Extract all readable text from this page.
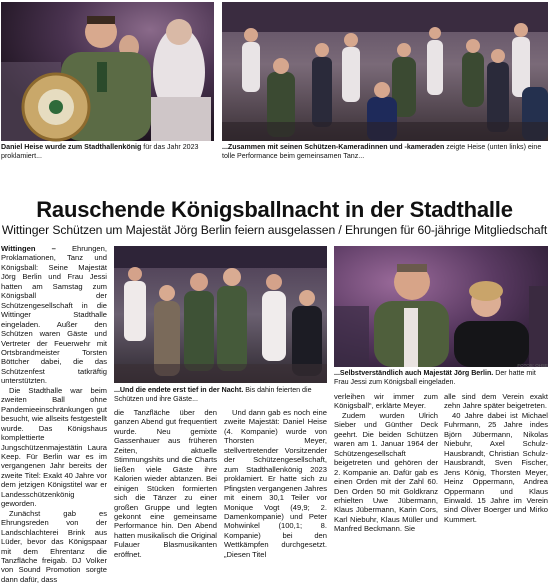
Daniel Heise wurde zum Stadthallenkönig für das Jahr 2023 proklamiert...
...Zusammen mit seinen Schützen-Kameradinnen und -kameraden zeigte Heise (unten links) eine tolle Performance beim gemeinsamen Tanz...
Rauschende Königsballnacht in der Stadthalle
Wittinger Schützen um Majestät Jörg Berlin feiern ausgelassen / Ehrungen für 60-jährige Mitgliedschaft

Wittingen – Ehrungen, Proklamationen, Tanz und Königsball: Seine Majestät Jörg Berlin und Frau Jessi hatten am Samstag zum Königsball der Schützengesellschaft in die Wittinger Stadthalle eingeladen. Außer den Schützen waren Gäste und Vertreter der Feuerwehr mit Ortsbrandmeister Torsten Böttcher dabei, die das Schützenfest tatkräftig unterstützten.

Die Stadthalle war beim zweiten Ball ohne Pandemieeinschränkungen gut besucht, wie allseits festgestellt wurde. Das Königshaus komplettierte Jungschützenmajestätin Laura Keep. Für Berlin war es im vergangenen Jahr bereits der zweite Titel: Exakt 40 Jahre vor dem jetzigen Königstitel war er Landesschützenkönig geworden.

Zunächst gab es Ehrungsreden von der Landschlachterei Brink aus Lüder, bevor das Königspaar mit dem Ehrentanz die Tanzfläche freigab. DJ Volker von Sound Promotion sorgte dann dafür, dass

...Und die endete erst tief in der Nacht. Bis dahin feierten die Schützen und ihre Gäste...
...Selbstverständlich auch Majestät Jörg Berlin. Der hatte mit Frau Jessi zum Königsball eingeladen.
FOTOS: OHSE

die Tanzfläche über den ganzen Abend gut frequentiert wurde. Neu gemixte Gassenhauer aus früheren Zeiten, aktuelle Stimmungshits und die Charts ließen viele Gäste ihre Kalorien wieder abtanzen. Bei einigen Stücken formierten sich die Tänzer zu einer großen Gruppe und legten gekonnt eine gemeinsame Performance hin. Den Abend hatten musikalisch die Original Fulauer Blasmusikanten eröffnet.

Und dann gab es noch eine zweite Majestät: Daniel Heise (4. Kompanie) wurde von Thorsten Meyer, stellvertretender Vorsitzender der Schützengesellschaft, zum Stadthallenkönig 2023 proklamiert. Er hatte sich zu Pfingsten vergangenen Jahres mit einem 30,1 Teiler vor Monique Vogt (49,9; 2. Damenkompanie) und Peter Mohwinkel (100,1; 8. Kompanie) bei den Wettkämpfen durchgesetzt. „Diesen Titel

verleihen wir immer zum Königsball“, erklärte Meyer.

Zudem wurden Ulrich Sieber und Günther Deck geehrt. Die beiden Schützen waren am 1. Januar 1964 der Schützengesellschaft beigetreten und gehören der 2. Kompanie an. Dafür gab es einen Orden mit der Zahl 60. Den Orden 50 mit Goldkranz erhielten Uwe Jübermann, Klaus Jübermann, Karin Cors, Karl Niebuhr, Klaus Müller und Manfred Beckmann. Sie

alle sind dem Verein exakt zehn Jahre später beigetreten.

40 Jahre dabei ist Michael Fuhrmann, 25 Jahre indes Björn Jübermann, Nikolas Niebuhr, Axel Schulz-Hausbrandt, Christian Schulz-Hausbrandt, Sven Fischer, Jens König, Thorsten Meyer, Heinz Oppermann, Andrea Oppermann und Klaus Einwald. 15 Jahre im Verein sind Oliver Boerger und Mirko Kummert.
